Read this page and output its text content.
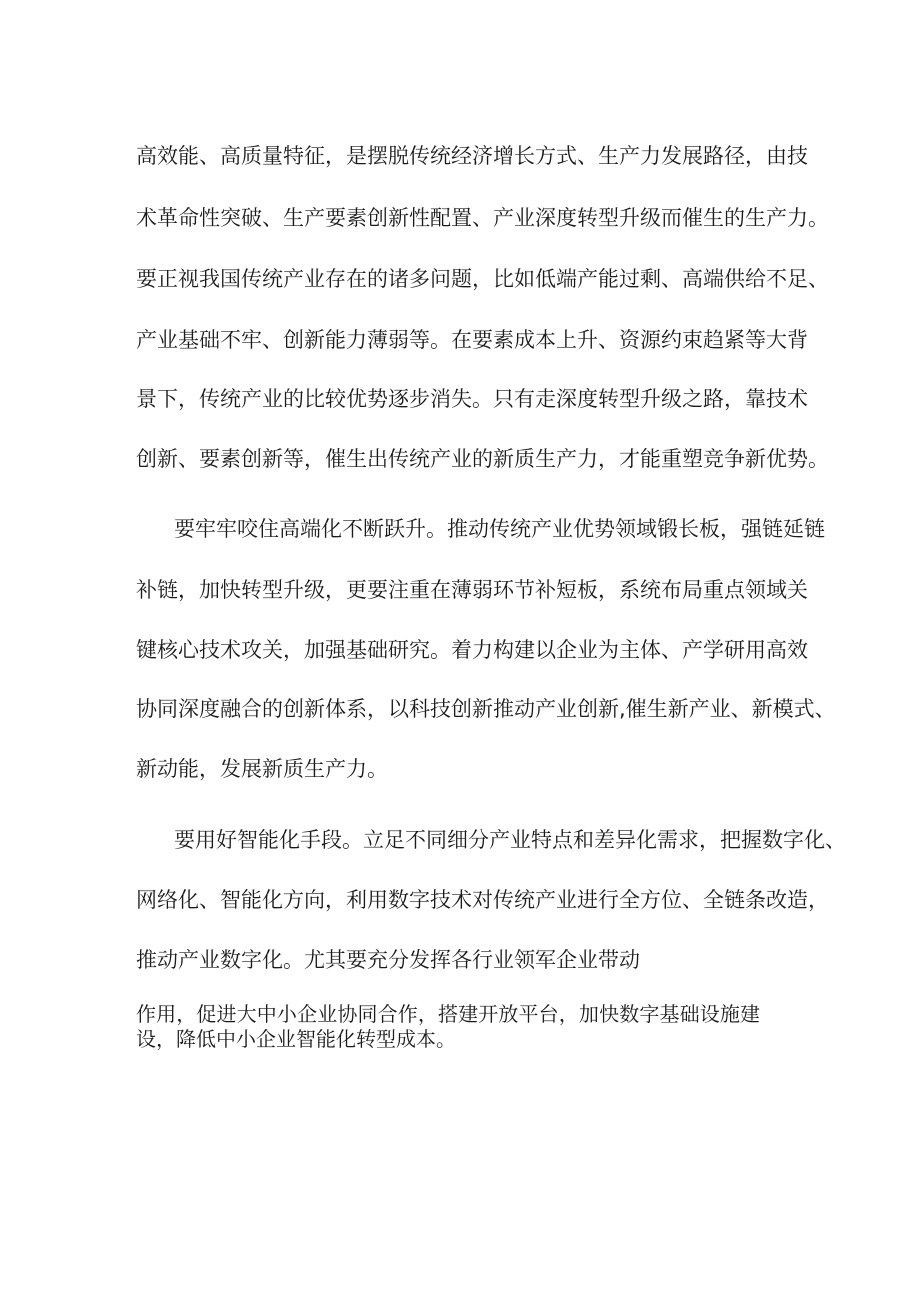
高效能、高质量特征，是摆脱传统经济增长方式、生产力发展路径，由技
术革命性突破、生产要素创新性配置、产业深度转型升级而催生的生产力。
要正视我国传统产业存在的诸多问题，比如低端产能过剩、高端供给不足、
产业基础不牢、创新能力薄弱等。在要素成本上升、资源约束趋紧等大背
景下，传统产业的比较优势逐步消失。只有走深度转型升级之路，靠技术
创新、要素创新等，催生出传统产业的新质生产力，才能重塑竞争新优势。
要牢牢咬住高端化不断跃升。推动传统产业优势领域锻长板，强链延链
补链，加快转型升级，更要注重在薄弱环节补短板，系统布局重点领域关
键核心技术攻关，加强基础研究。着力构建以企业为主体、产学研用高效
协同深度融合的创新体系，以科技创新推动产业创新,催生新产业、新模式、
新动能，发展新质生产力。
要用好智能化手段。立足不同细分产业特点和差异化需求，把握数字化、
网络化、智能化方向，利用数字技术对传统产业进行全方位、全链条改造，
推动产业数字化。尤其要充分发挥各行业领军企业带动
作用，促进大中小企业协同合作，搭建开放平台，加快数字基础设施建
设，降低中小企业智能化转型成本。
